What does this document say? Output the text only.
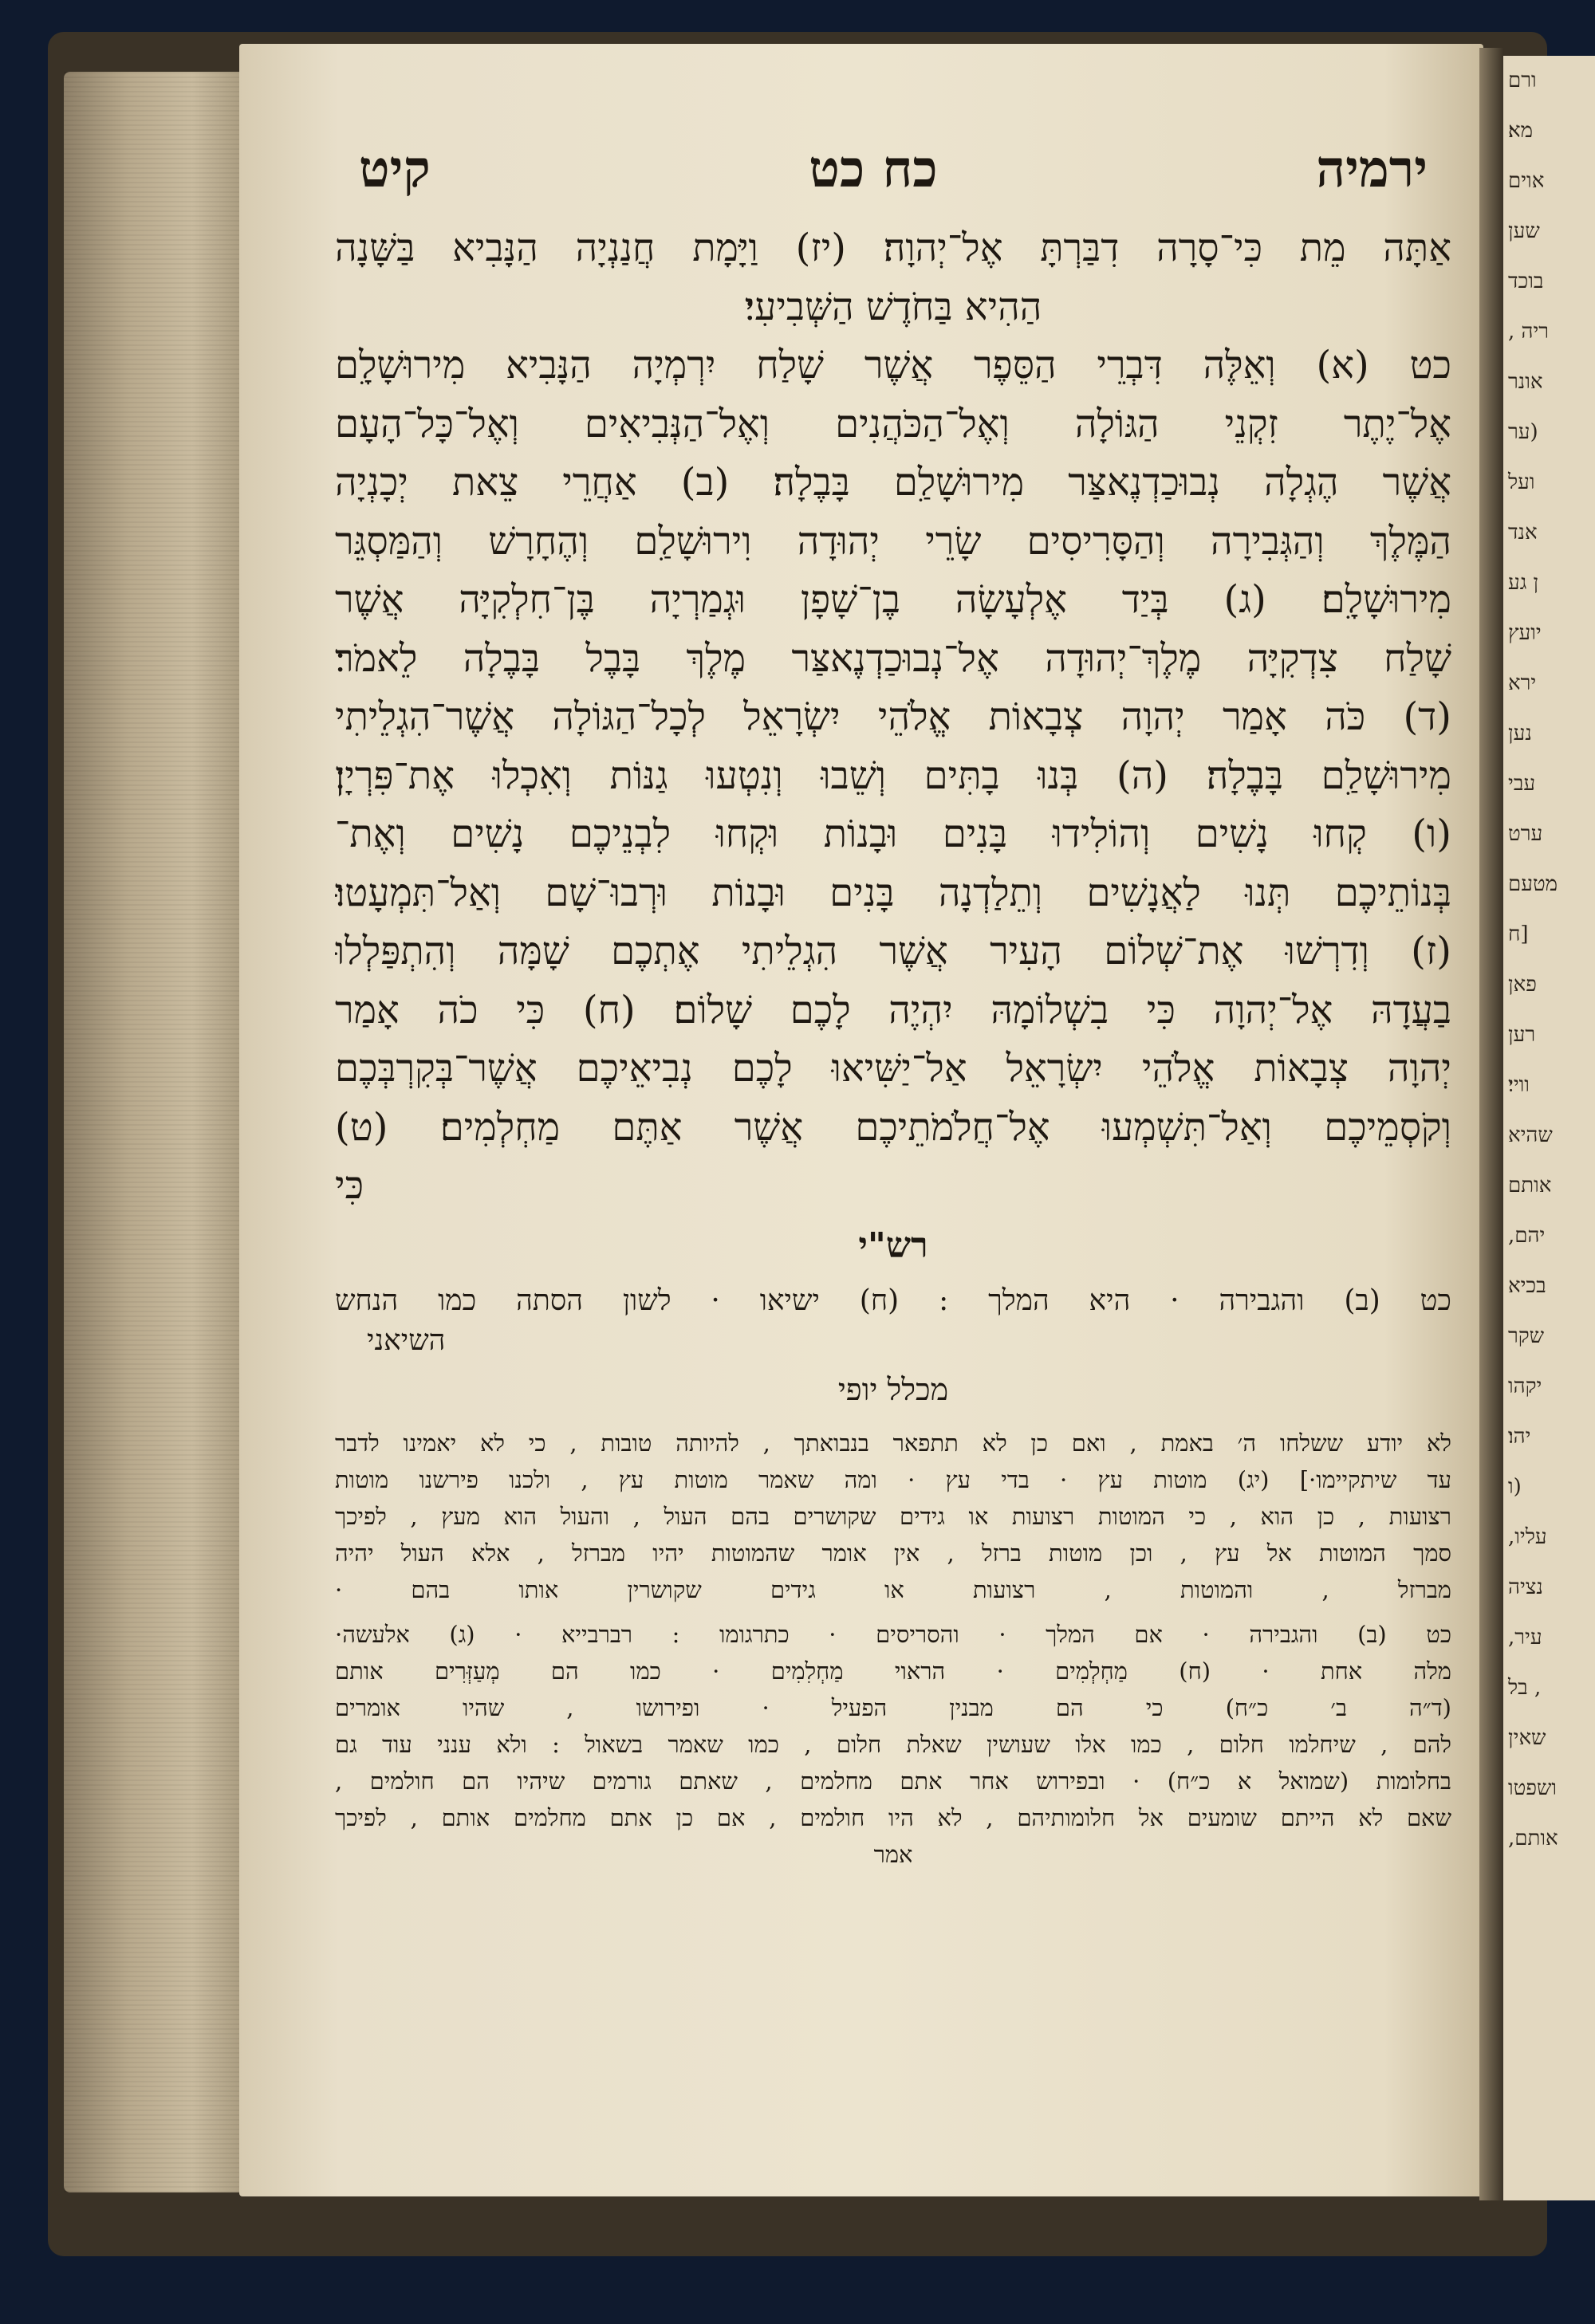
ורם
מא׃
אוים
שען
בוכד
ריה ,
אונר
(ער
ועל
אנד
ן גע
יועץ
ירא
נען
עבי
ערט
מטעם
[ח
פאן
רען
וויי׃
שהיא
אותם
יהם,
בכיא
שקר
יקהו
יהו׃
(ו
עליו,
נציה
עיר,
, בל
שאין
ושפטו
אותם,
ירמיה
כח כט
קיט
אַתָּה מֵת כִּי־סָרָה דִבַּרְתָּ אֶל־יְהוָה׃ (יז) וַיָּמָת חֲנַנְיָה הַנָּבִיא בַּשָּׁנָה
הַהִיא בַּחֹדֶשׁ הַשְּׁבִיעִי׃
כט (א) וְאֵלֶּה דִּבְרֵי הַסֵּפֶר אֲשֶׁר שָׁלַח יִרְמְיָה הַנָּבִיא מִירוּשָׁלִָם
אֶל־יֶתֶר זִקְנֵי הַגּוֹלָה וְאֶל־הַכֹּהֲנִים וְאֶל־הַנְּבִיאִים וְאֶל־כָּל־הָעָם
אֲשֶׁר הֶגְלָה נְבוּכַדְנֶאצַּר מִירוּשָׁלִַם בָּבֶלָה׃ (ב) אַחֲרֵי צֵאת יְכָנְיָה
הַמֶּלֶךְ וְהַגְּבִירָה וְהַסָּרִיסִים שָׂרֵי יְהוּדָה וִירוּשָׁלִַם וְהֶחָרָשׁ וְהַמַּסְגֵּר
מִירוּשָׁלִָם׃ (ג) בְּיַד אֶלְעָשָׂה בֶן־שָׁפָן וּגְמַרְיָה בֶּן־חִלְקִיָּה אֲשֶׁר
שָׁלַח צִדְקִיָּה מֶלֶךְ־יְהוּדָה אֶל־נְבוּכַדְנֶאצַּר מֶלֶךְ בָּבֶל בָּבֶלָה לֵאמֹר׃
(ד) כֹּה אָמַר יְהוָה צְבָאוֹת אֱלֹהֵי יִשְׂרָאֵל לְכָל־הַגּוֹלָה אֲשֶׁר־הִגְלֵיתִי
מִירוּשָׁלִַם בָּבֶלָה׃ (ה) בְּנוּ בָתִּים וְשֵׁבוּ וְנִטְעוּ גַנּוֹת וְאִכְלוּ אֶת־פִּרְיָן׃
(ו) קְחוּ נָשִׁים וְהוֹלִידוּ בָּנִים וּבָנוֹת וּקְחוּ לִבְנֵיכֶם נָשִׁים וְאֶת־
בְּנוֹתֵיכֶם תְּנוּ לַאֲנָשִׁים וְתֵלַדְנָה בָּנִים וּבָנוֹת וּרְבוּ־שָׁם וְאַל־תִּמְעָטוּ׃
(ז) וְדִרְשׁוּ אֶת־שְׁלוֹם הָעִיר אֲשֶׁר הִגְלֵיתִי אֶתְכֶם שָׁמָּה וְהִתְפַּלְלוּ
בַעֲדָהּ אֶל־יְהוָה כִּי בִשְׁלוֹמָהּ יִהְיֶה לָכֶם שָׁלוֹם׃ (ח) כִּי כֹה אָמַר
יְהוָה צְבָאוֹת אֱלֹהֵי יִשְׂרָאֵל אַל־יַשִּׁיאוּ לָכֶם נְבִיאֵיכֶם אֲשֶׁר־בְּקִרְבְּכֶם
וְקֹסְמֵיכֶם וְאַל־תִּשְׁמְעוּ אֶל־חֲלֹמֹתֵיכֶם אֲשֶׁר אַתֶּם מַחְלְמִים׃ (ט)
כִּי
רש"י
כט (ב) והגבירה · היא המלך : (ח) ישיאו · לשון הסתה כמו הנחש
השיאני
מכלל יופי
לא יודע ששלחו ה׳ באמת , ואם כן לא תתפאר בנבואתך , להיותה טובות , כי לא יאמינו לדבר
עד שיתקיימו·] (יג) מוטות עץ · בדי עץ · ומה שאמר מוטות עץ , ולכנו פירשנו מוטות
רצועות , כן הוא , כי המוטות רצועות או גידים שקושרים בהם העול , והעול הוא מעץ , לפיכך
סמך המוטות אל עץ , וכן מוטות ברזל , אין אומר שהמוטות יהיו מברזל , אלא העול יהיה
מברזל , והמוטות , רצועות או גידים שקושרין אותו בהם ·
כט (ב) והגבירה · אם המלך · והסריסים · כתרגומו : רברבייא · (ג) אלעשה·
מלה אחת · (ח) מַחְלְמִים · הראוי מַחְלִמִים · כמו הם מְעַזְּרִים אותם
(ד״ה ב׳ כ״ח) כי הם מבנין הפעיל · ופירושו , שהיו אומרים
להם , שיחלמו חלום , כמו אלו שעושין שאלת חלום , כמו שאמר בשאול : ולא ענני עוד גם
בחלומות (שמואל א כ״ח) · ובפירוש אחר אתם מחלמים , שאתם גורמים שיהיו הם חולמים ,
שאם לא הייתם שומעים אל חלומותיהם , לא היו חולמים , אם כן אתם מחלמים אותם , לפיכך
אמר
